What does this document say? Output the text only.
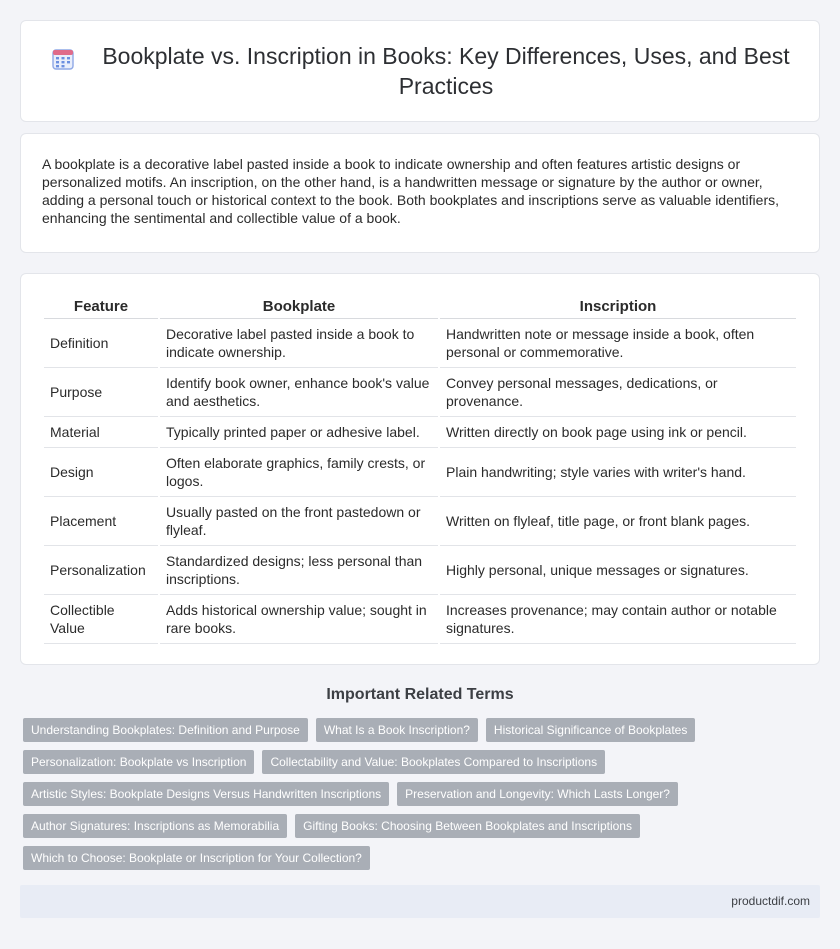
Bookplate vs. Inscription in Books: Key Differences, Uses, and Best Practices

A bookplate is a decorative label pasted inside a book to indicate ownership and often features artistic designs or personalized motifs. An inscription, on the other hand, is a handwritten message or signature by the author or owner, adding a personal touch or historical context to the book. Both bookplates and inscriptions serve as valuable identifiers, enhancing the sentimental and collectible value of a book.

Feature	Bookplate	Inscription
Definition	Decorative label pasted inside a book to indicate ownership.	Handwritten note or message inside a book, often personal or commemorative.
Purpose	Identify book owner, enhance book's value and aesthetics.	Convey personal messages, dedications, or provenance.
Material	Typically printed paper or adhesive label.	Written directly on book page using ink or pencil.
Design	Often elaborate graphics, family crests, or logos.	Plain handwriting; style varies with writer's hand.
Placement	Usually pasted on the front pastedown or flyleaf.	Written on flyleaf, title page, or front blank pages.
Personalization	Standardized designs; less personal than inscriptions.	Highly personal, unique messages or signatures.
Collectible Value	Adds historical ownership value; sought in rare books.	Increases provenance; may contain author or notable signatures.
Important Related Terms
Understanding Bookplates: Definition and Purpose	What Is a Book Inscription?	Historical Significance of Bookplates
Personalization: Bookplate vs Inscription	Collectability and Value: Bookplates Compared to Inscriptions
Artistic Styles: Bookplate Designs Versus Handwritten Inscriptions	Preservation and Longevity: Which Lasts Longer?
Author Signatures: Inscriptions as Memorabilia	Gifting Books: Choosing Between Bookplates and Inscriptions
Which to Choose: Bookplate or Inscription for Your Collection?
productdif.com
